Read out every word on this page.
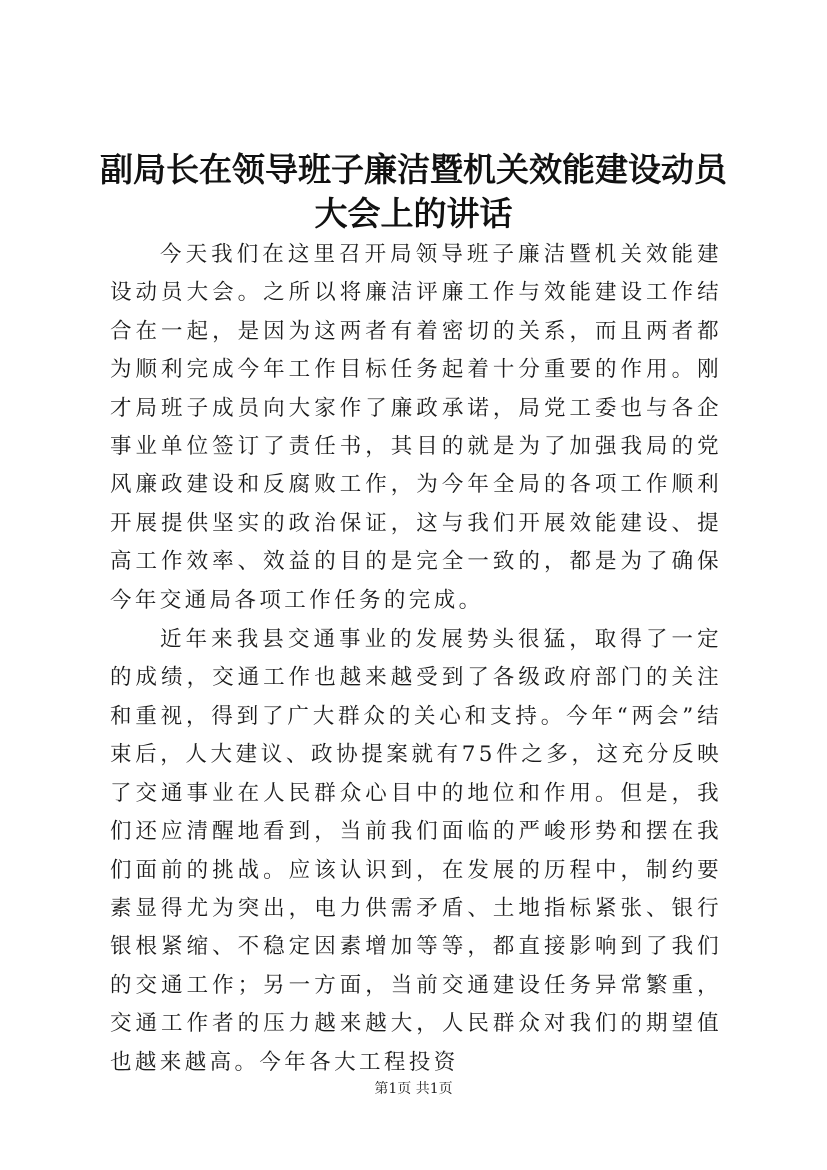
副局长在领导班子廉洁暨机关效能建设动员大会上的讲话

今天我们在这里召开局领导班子廉洁暨机关效能建设动员大会。之所以将廉洁评廉工作与效能建设工作结合在一起，是因为这两者有着密切的关系，而且两者都为顺利完成今年工作目标任务起着十分重要的作用。刚才局班子成员向大家作了廉政承诺，局党工委也与各企事业单位签订了责任书，其目的就是为了加强我局的党风廉政建设和反腐败工作，为今年全局的各项工作顺利开展提供坚实的政治保证，这与我们开展效能建设、提高工作效率、效益的目的是完全一致的，都是为了确保今年交通局各项工作任务的完成。

近年来我县交通事业的发展势头很猛，取得了一定的成绩，交通工作也越来越受到了各级政府部门的关注和重视，得到了广大群众的关心和支持。今年“两会”结束后，人大建议、政协提案就有75件之多，这充分反映了交通事业在人民群众心目中的地位和作用。但是，我们还应清醒地看到，当前我们面临的严峻形势和摆在我们面前的挑战。应该认识到，在发展的历程中，制约要素显得尤为突出，电力供需矛盾、土地指标紧张、银行银根紧缩、不稳定因素增加等等，都直接影响到了我们的交通工作；另一方面，当前交通建设任务异常繁重，交通工作者的压力越来越大，人民群众对我们的期望值也越来越高。今年各大工程投资

第1页 共1页
